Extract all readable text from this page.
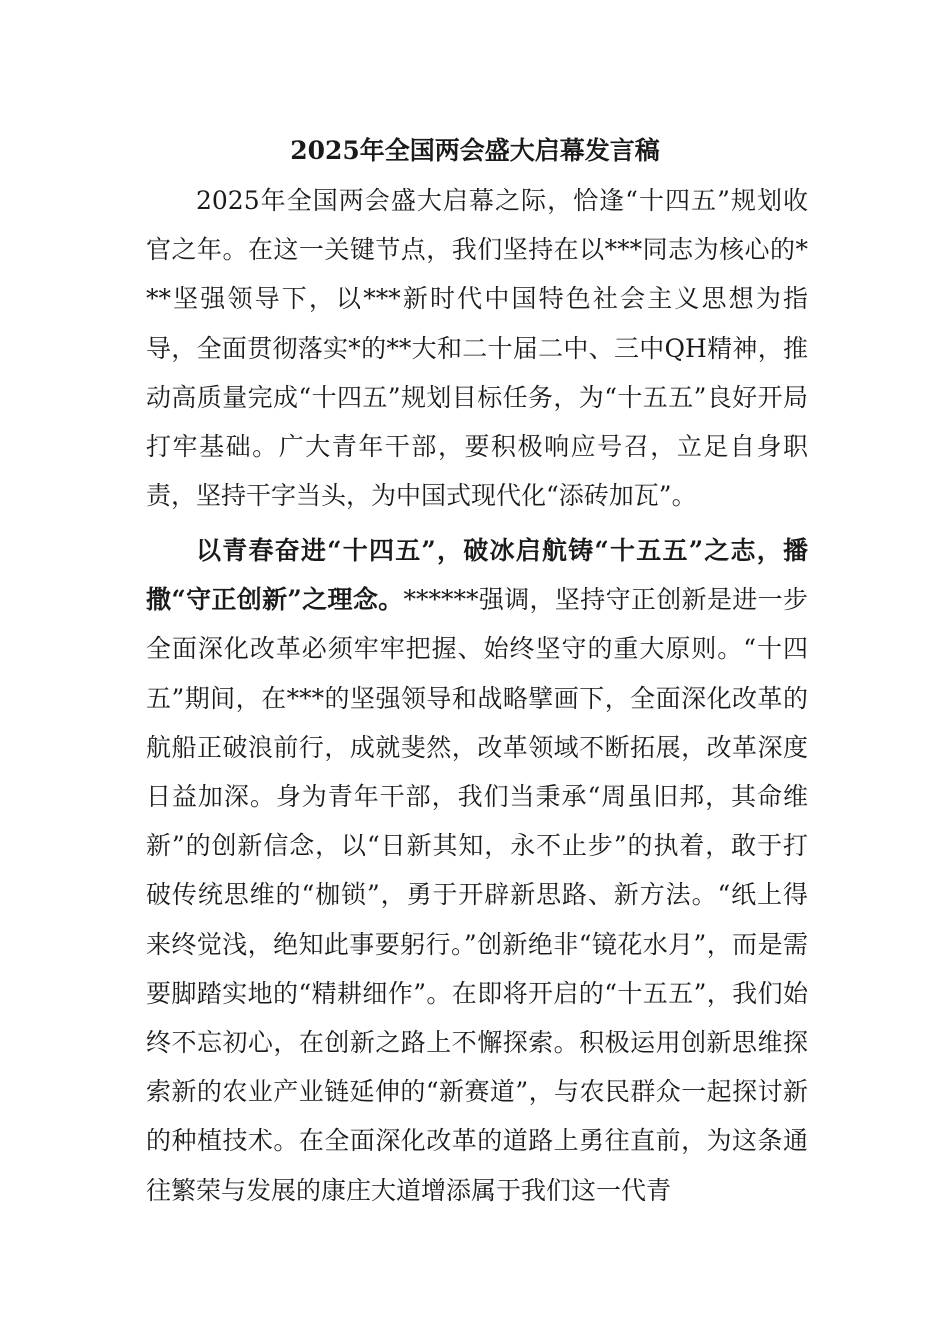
2025年全国两会盛大启幕发言稿

2025年全国两会盛大启幕之际，恰逢“十四五”规划收官之年。在这一关键节点，我们坚持在以***同志为核心的***坚强领导下，以***新时代中国特色社会主义思想为指导，全面贯彻落实*的**大和二十届二中、三中QH精神，推动高质量完成“十四五”规划目标任务，为“十五五”良好开局打牢基础。广大青年干部，要积极响应号召，立足自身职责，坚持干字当头，为中国式现代化“添砖加瓦”。

以青春奋进“十四五”，破冰启航铸“十五五”之志，播撒“守正创新”之理念。******强调，坚持守正创新是进一步全面深化改革必须牢牢把握、始终坚守的重大原则。“十四五”期间，在***的坚强领导和战略擘画下，全面深化改革的航船正破浪前行，成就斐然，改革领域不断拓展，改革深度日益加深。身为青年干部，我们当秉承“周虽旧邦，其命维新”的创新信念，以“日新其知，永不止步”的执着，敢于打破传统思维的“枷锁”，勇于开辟新思路、新方法。“纸上得来终觉浅，绝知此事要躬行。”创新绝非“镜花水月”，而是需要脚踏实地的“精耕细作”。在即将开启的“十五五”，我们始终不忘初心，在创新之路上不懈探索。积极运用创新思维探索新的农业产业链延伸的“新赛道”，与农民群众一起探讨新的种植技术。在全面深化改革的道路上勇往直前，为这条通往繁荣与发展的康庄大道增添属于我们这一代青
